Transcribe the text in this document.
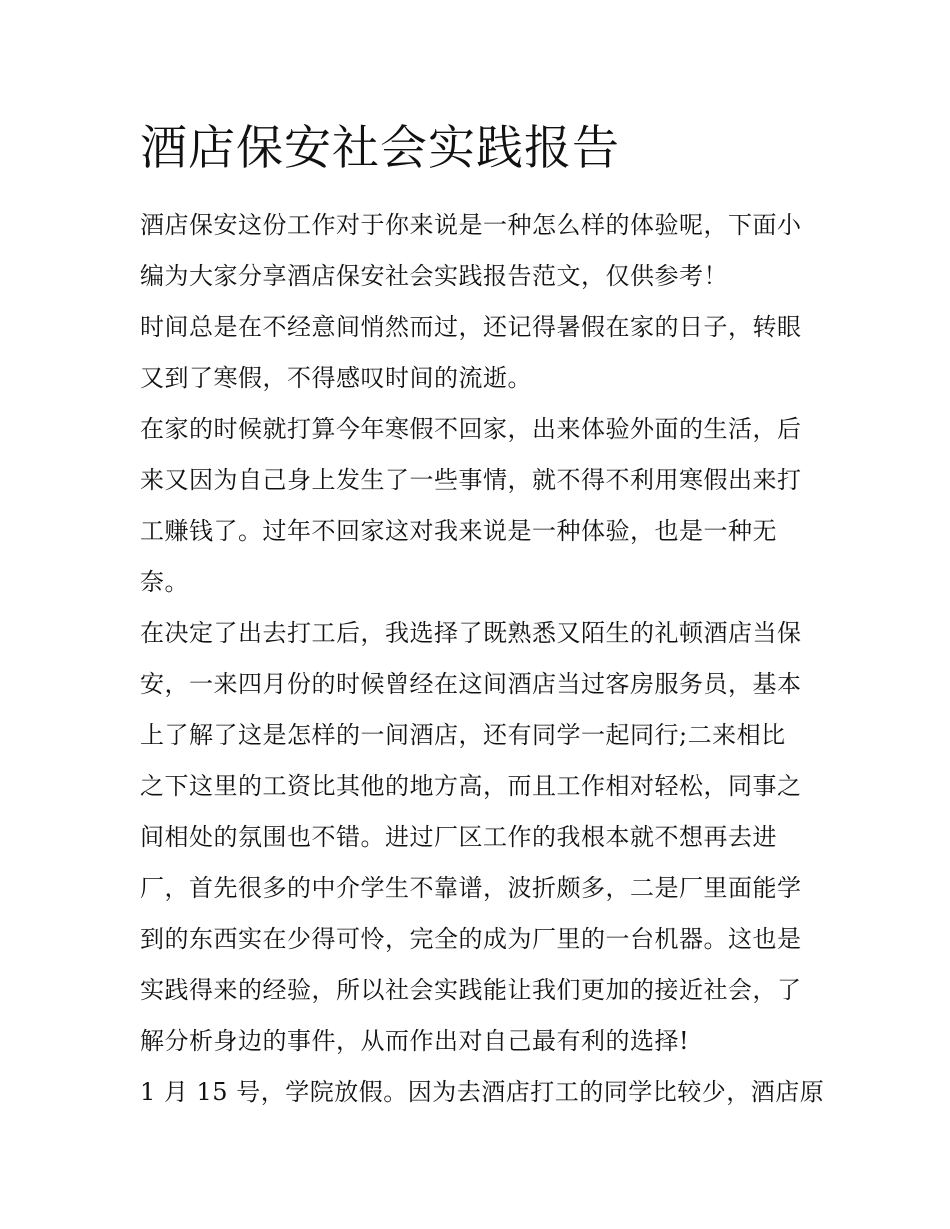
酒店保安社会实践报告
酒店保安这份工作对于你来说是一种怎么样的体验呢，下面小
编为大家分享酒店保安社会实践报告范文，仅供参考！
时间总是在不经意间悄然而过，还记得暑假在家的日子，转眼
又到了寒假，不得感叹时间的流逝。
在家的时候就打算今年寒假不回家，出来体验外面的生活，后
来又因为自己身上发生了一些事情，就不得不利用寒假出来打
工赚钱了。过年不回家这对我来说是一种体验，也是一种无
奈。
在决定了出去打工后，我选择了既熟悉又陌生的礼顿酒店当保
安，一来四月份的时候曾经在这间酒店当过客房服务员，基本
上了解了这是怎样的一间酒店，还有同学一起同行;二来相比
之下这里的工资比其他的地方高，而且工作相对轻松，同事之
间相处的氛围也不错。进过厂区工作的我根本就不想再去进
厂，首先很多的中介学生不靠谱，波折颇多，二是厂里面能学
到的东西实在少得可怜，完全的成为厂里的一台机器。这也是
实践得来的经验，所以社会实践能让我们更加的接近社会，了
解分析身边的事件，从而作出对自己最有利的选择!
1 月 15 号，学院放假。因为去酒店打工的同学比较少，酒店原
